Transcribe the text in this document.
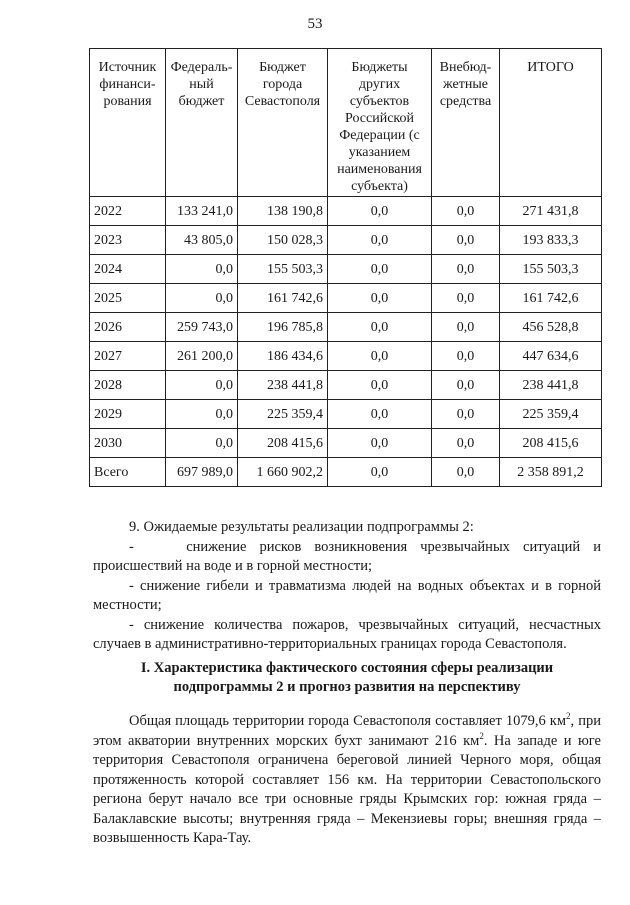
53
Источник финанси-рования	Федераль-ный бюджет	Бюджет города Севастополя	Бюджеты других субъектов Российской Федерации (с указанием наименования субъекта)	Внебюд-жетные средства	ИТОГО
2022	133 241,0	138 190,8	0,0	0,0	271 431,8
2023	43 805,0	150 028,3	0,0	0,0	193 833,3
2024	0,0	155 503,3	0,0	0,0	155 503,3
2025	0,0	161 742,6	0,0	0,0	161 742,6
2026	259 743,0	196 785,8	0,0	0,0	456 528,8
2027	261 200,0	186 434,6	0,0	0,0	447 634,6
2028	0,0	238 441,8	0,0	0,0	238 441,8
2029	0,0	225 359,4	0,0	0,0	225 359,4
2030	0,0	208 415,6	0,0	0,0	208 415,6
Всего	697 989,0	1 660 902,2	0,0	0,0	2 358 891,2

9. Ожидаемые результаты реализации подпрограммы 2:

-    снижение рисков возникновения чрезвычайных ситуаций и происшествий на воде и в горной местности;

- снижение гибели и травматизма людей на водных объектах и в горной местности;

- снижение количества пожаров, чрезвычайных ситуаций, несчастных случаев в административно-территориальных границах города Севастополя.

I. Характеристика фактического состояния сферы реализации
подпрограммы 2 и прогноз развития на перспективу

Общая площадь территории города Севастополя составляет 1079,6 $км^2$, при этом акватории внутренних морских бухт занимают 216 $км^2$. На западе и юге территория Севастополя ограничена береговой линией Черного моря, общая протяженность которой составляет 156 км. На территории Севастопольского региона берут начало все три основные гряды Крымских гор: южная гряда – Балаклавские высоты; внутренняя гряда – Мекензиевы горы; внешняя гряда – возвышенность Кара-Тау.
